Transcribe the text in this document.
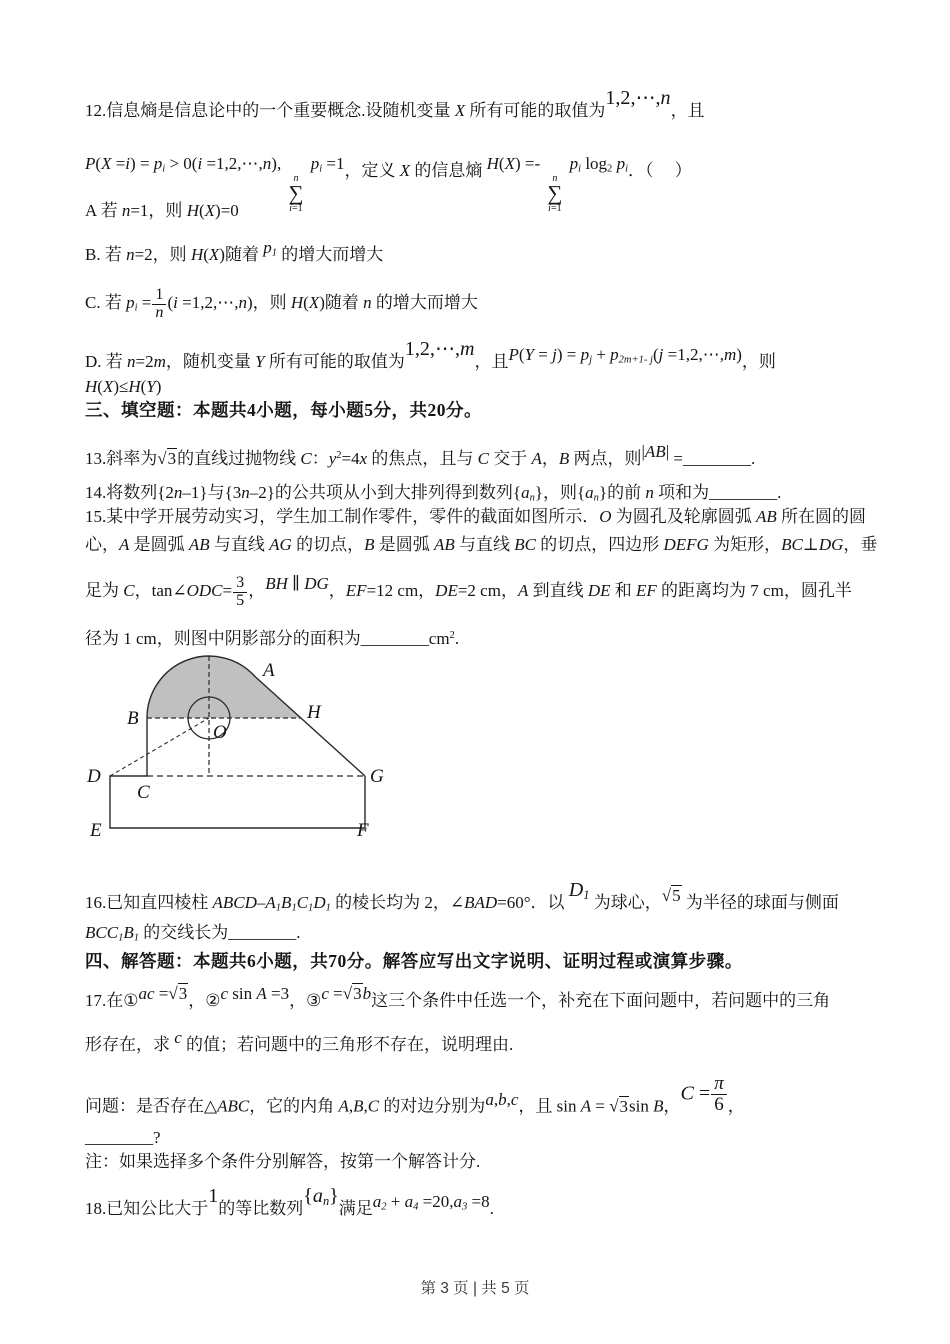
12.信息熵是信息论中的一个重要概念.设随机变量 X 所有可能的取值为1,2,⋯,n，且
$P(X =i) = p_i > 0(i$ =1,2,⋯,n),
n
∑
i=1
$p_i =1$，定义 X 的信息熵 H(X) =-
n
∑
i=1
$p_i$ $\log_2 p_i$．（　 ）
A 若 n=1，则 H(X)=0
B. 若 n=2，则 H(X)随着 $p_1$ 的增大而增大
C. 若 $p_i = \frac{1}{n} (i$ =1,2,⋯,n)，则 H(X)随着 n 的增大而增大
D. 若 n=2m，随机变量 Y 所有可能的取值为1,2,⋯,m，且$P(Y = j) = p_j + p_{2m+1- j}(j$ =1,2,⋯,m)，则
H(X)≤H(Y)
三、填空题：本题共4小题，每小题5分，共20分。
13.斜率为√3的直线过抛物线 C：$y^2=4x$ 的焦点，且与 C 交于 A，B 两点，则|AB| =________.
14.将数列{2n–1}与{3n–2}的公共项从小到大排列得到数列$\{a_n\}$，则$\{a_n\}$的前 n 项和为________.
15.某中学开展劳动实习，学生加工制作零件，零件的截面如图所示．O 为圆孔及轮廓圆弧 AB 所在圆的圆
心，A 是圆弧 AB 与直线 AG 的切点，B 是圆弧 AB 与直线 BC 的切点，四边形 DEFG 为矩形，BC⊥DG，垂
足为 C，tan∠ODC= $\frac{3}{5}$ ，BH ∥ DG，EF=12 cm，DE=2 cm，A 到直线 DE 和 EF 的距离均为 7 cm，圆孔半
径为 1 cm，则图中阴影部分的面积为$\_\_\_\_\_\_\_\_cm^2$.
A
B	H
O
D
C
G
E	F
16.已知直四棱柱 ABCD–$A_1B_1C_1D_1$ 的棱长均为 2，∠BAD=60°．以 $D_1$ 为球心，√5 为半径的球面与侧面
$BCC_1B_1$ 的交线长为________.
四、解答题：本题共6小题，共70分。解答应写出文字说明、证明过程或演算步骤。
17.在①ac =√3，②c sin A =3，③c =√3b这三个条件中任选一个，补充在下面问题中，若问题中的三角
形存在，求 c 的值；若问题中的三角形不存在，说明理由.
问题：是否存在△ABC，它的内角 A,B,C 的对边分别为a,b,c，且 sin A = √3sin B，$C = \frac{\pi}{6}$ ，
________?
注：如果选择多个条件分别解答，按第一个解答计分.
18.已知公比大于1的等比数列$\{a_n\}$满足$a_2 + a_4 =20,a_3 =8$.
第 3 页 | 共 5 页
